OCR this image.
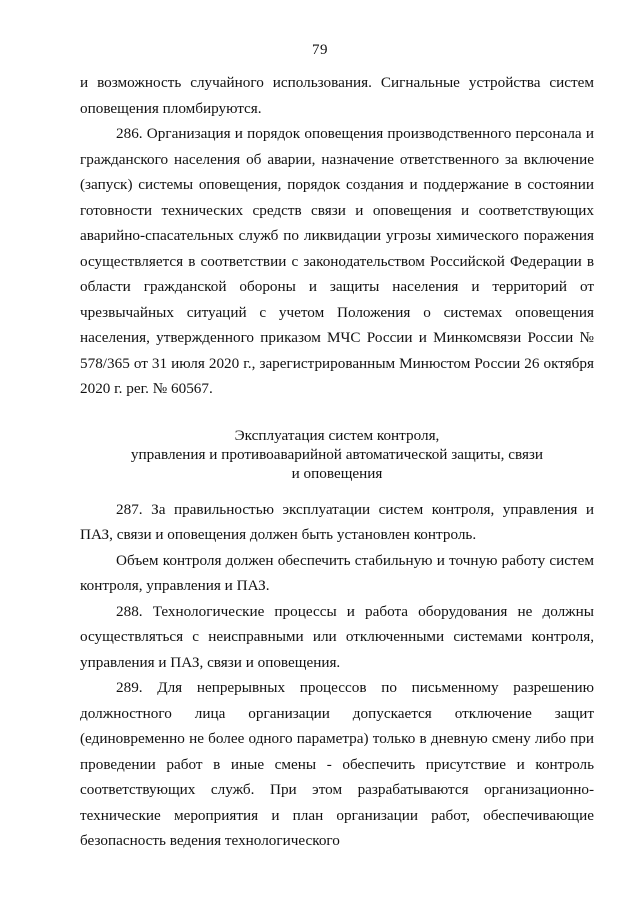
79

и возможность случайного использования. Сигнальные устройства систем оповещения пломбируются.

286. Организация и порядок оповещения производственного персонала и гражданского населения об аварии, назначение ответственного за включение (запуск) системы оповещения, порядок создания и поддержание в состоянии готовности технических средств связи и оповещения и соответствующих аварийно-спасательных служб по ликвидации угрозы химического поражения осуществляется в соответствии с законодательством Российской Федерации в области гражданской обороны и защиты населения и территорий от чрезвычайных ситуаций с учетом Положения о системах оповещения населения, утвержденного приказом МЧС России и Минкомсвязи России № 578/365 от 31 июля 2020 г., зарегистрированным Минюстом России 26 октября 2020 г. рег. № 60567.

Эксплуатация систем контроля,
управления и противоаварийной автоматической защиты, связи
и оповещения

287. За правильностью эксплуатации систем контроля, управления и ПАЗ, связи и оповещения должен быть установлен контроль.

Объем контроля должен обеспечить стабильную и точную работу систем контроля, управления и ПАЗ.

288. Технологические процессы и работа оборудования не должны осуществляться с неисправными или отключенными системами контроля, управления и ПАЗ, связи и оповещения.

289. Для непрерывных процессов по письменному разрешению должностного лица организации допускается отключение защит (единовременно не более одного параметра) только в дневную смену либо при проведении работ в иные смены - обеспечить присутствие и контроль соответствующих служб. При этом разрабатываются организационно-технические мероприятия и план организации работ, обеспечивающие безопасность ведения технологического
